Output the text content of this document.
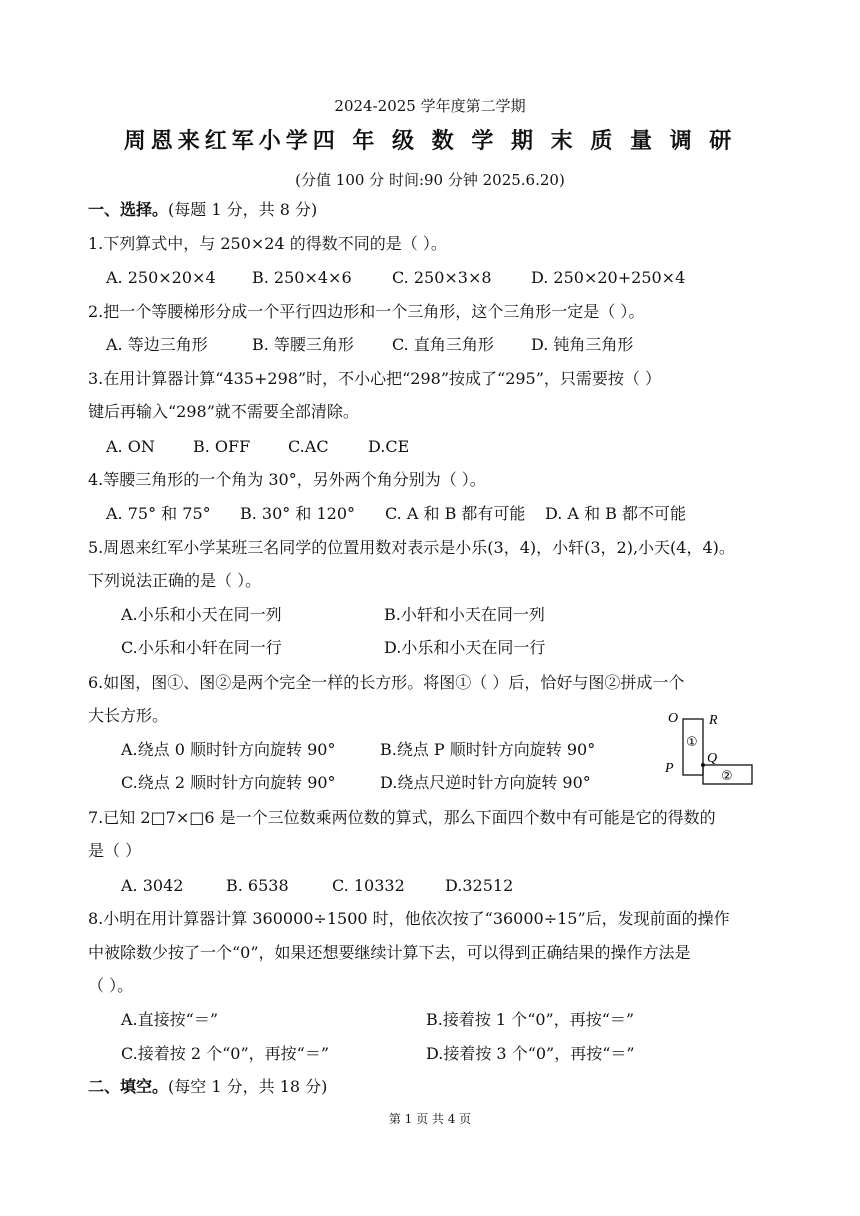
2024-2025 学年度第二学期
周恩来红军小学四 年 级 数 学 期 末 质 量 调 研
(分值 100 分 时间:90 分钟 2025.6.20)
一、选择。(每题 1 分，共 8 分)
1.下列算式中，与 250×24 的得数不同的是（ ）。
A. 250×20×4 B. 250×4×6	C. 250×3×8 D. 250×20+250×4
2.把一个等腰梯形分成一个平行四边形和一个三角形，这个三角形一定是（ ）。
A. 等边三角形	B. 等腰三角形 C. 直角三角形 D. 钝角三角形
3.在用计算器计算“435+298”时，不小心把“298”按成了“295”，只需要按（ ）
键后再输入“298”就不需要全部清除。
A. ON B. OFF C.AC D.CE
4.等腰三角形的一个角为 30°，另外两个角分别为（ ）。
A. 75° 和 75° B. 30° 和 120° C. A 和 B 都有可能 D. A 和 B 都不可能
5.周恩来红军小学某班三名同学的位置用数对表示是小乐(3，4)，小轩(3，2),小天(4，4)。
下列说法正确的是（ ）。
A.小乐和小天在同一列	B.小轩和小天在同一列
C.小乐和小轩在同一行	D.小乐和小天在同一行
6.如图，图①、图②是两个完全一样的长方形。将图①（ ）后，恰好与图②拼成一个
大长方形。
A.绕点 0 顺时针方向旋转 90°	B.绕点 P 顺时针方向旋转 90°
C.绕点 2 顺时针方向旋转 90°	D.绕点尺逆时针方向旋转 90°
O R
P
Q
①
②
7.已知 2□7×□6 是一个三位数乘两位数的算式，那么下面四个数中有可能是它的得数的
是（ ）
A. 3042	B. 6538	C. 10332	D.32512
8.小明在用计算器计算 360000÷1500 时，他依次按了“36000÷15”后，发现前面的操作
中被除数少按了一个“0”，如果还想要继续计算下去，可以得到正确结果的操作方法是
（ ）。
A.直接按“＝”	B.接着按 1 个“0”，再按“＝”
C.接着按 2 个“0”，再按“＝”	D.接着按 3 个“0”，再按“＝”
二、填空。(每空 1 分，共 18 分)
第 1 页 共 4 页
